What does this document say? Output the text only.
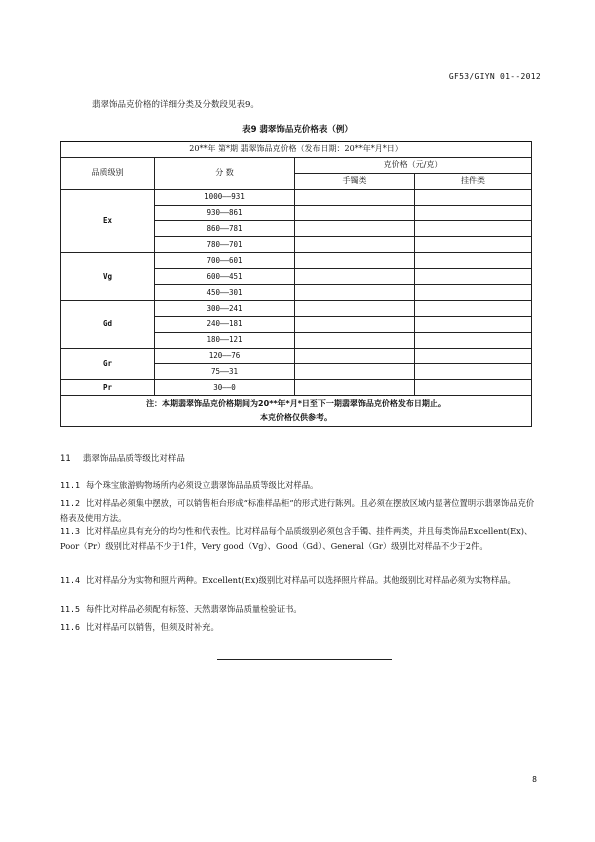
GF53/GIYN 01--2012
翡翠饰品克价格的详细分类及分数段见表9。
表9 翡翠饰品克价格表（例）
20**年 第*期 翡翠饰品克价格（发布日期：20**年*月*日）			
品质级别	分 数	克价格（元/克）	
		手镯类	挂件类
Ex	1000——931		
	930——861		
	860——781		
	780——701		
Vg	700——601		
	600——451		
	450——301		
Gd	300——241		
	240——181		
	180——121		
Gr	120——76		
	75——31		
Pr	30——0		

注：本期翡翠饰品克价格期间为20**年*月*日至下一期翡翠饰品克价格发布日期止。
本克价格仅供参考。			
11 翡翠饰品品质等级比对样品
11.1 每个珠宝旅游购物场所内必须设立翡翠饰品品质等级比对样品。
11.2 比对样品必须集中摆放，可以销售柜台形成“标准样品柜”的形式进行陈列。且必须在摆放区域内显著位置明示翡翠饰品克价格表及使用方法。
11.3 比对样品应具有充分的均匀性和代表性。比对样品每个品质级别必须包含手镯、挂件两类，并且每类饰品Excellent(Ex)、Poor（Pr）级别比对样品不少于1件，Very good（Vg）、Good（Gd）、General（Gr）级别比对样品不少于2件。
11.4 比对样品分为实物和照片两种。Excellent(Ex)级别比对样品可以选择照片样品。其他级别比对样品必须为实物样品。
11.5 每件比对样品必须配有标签、天然翡翠饰品质量检验证书。
11.6 比对样品可以销售，但须及时补充。
8
